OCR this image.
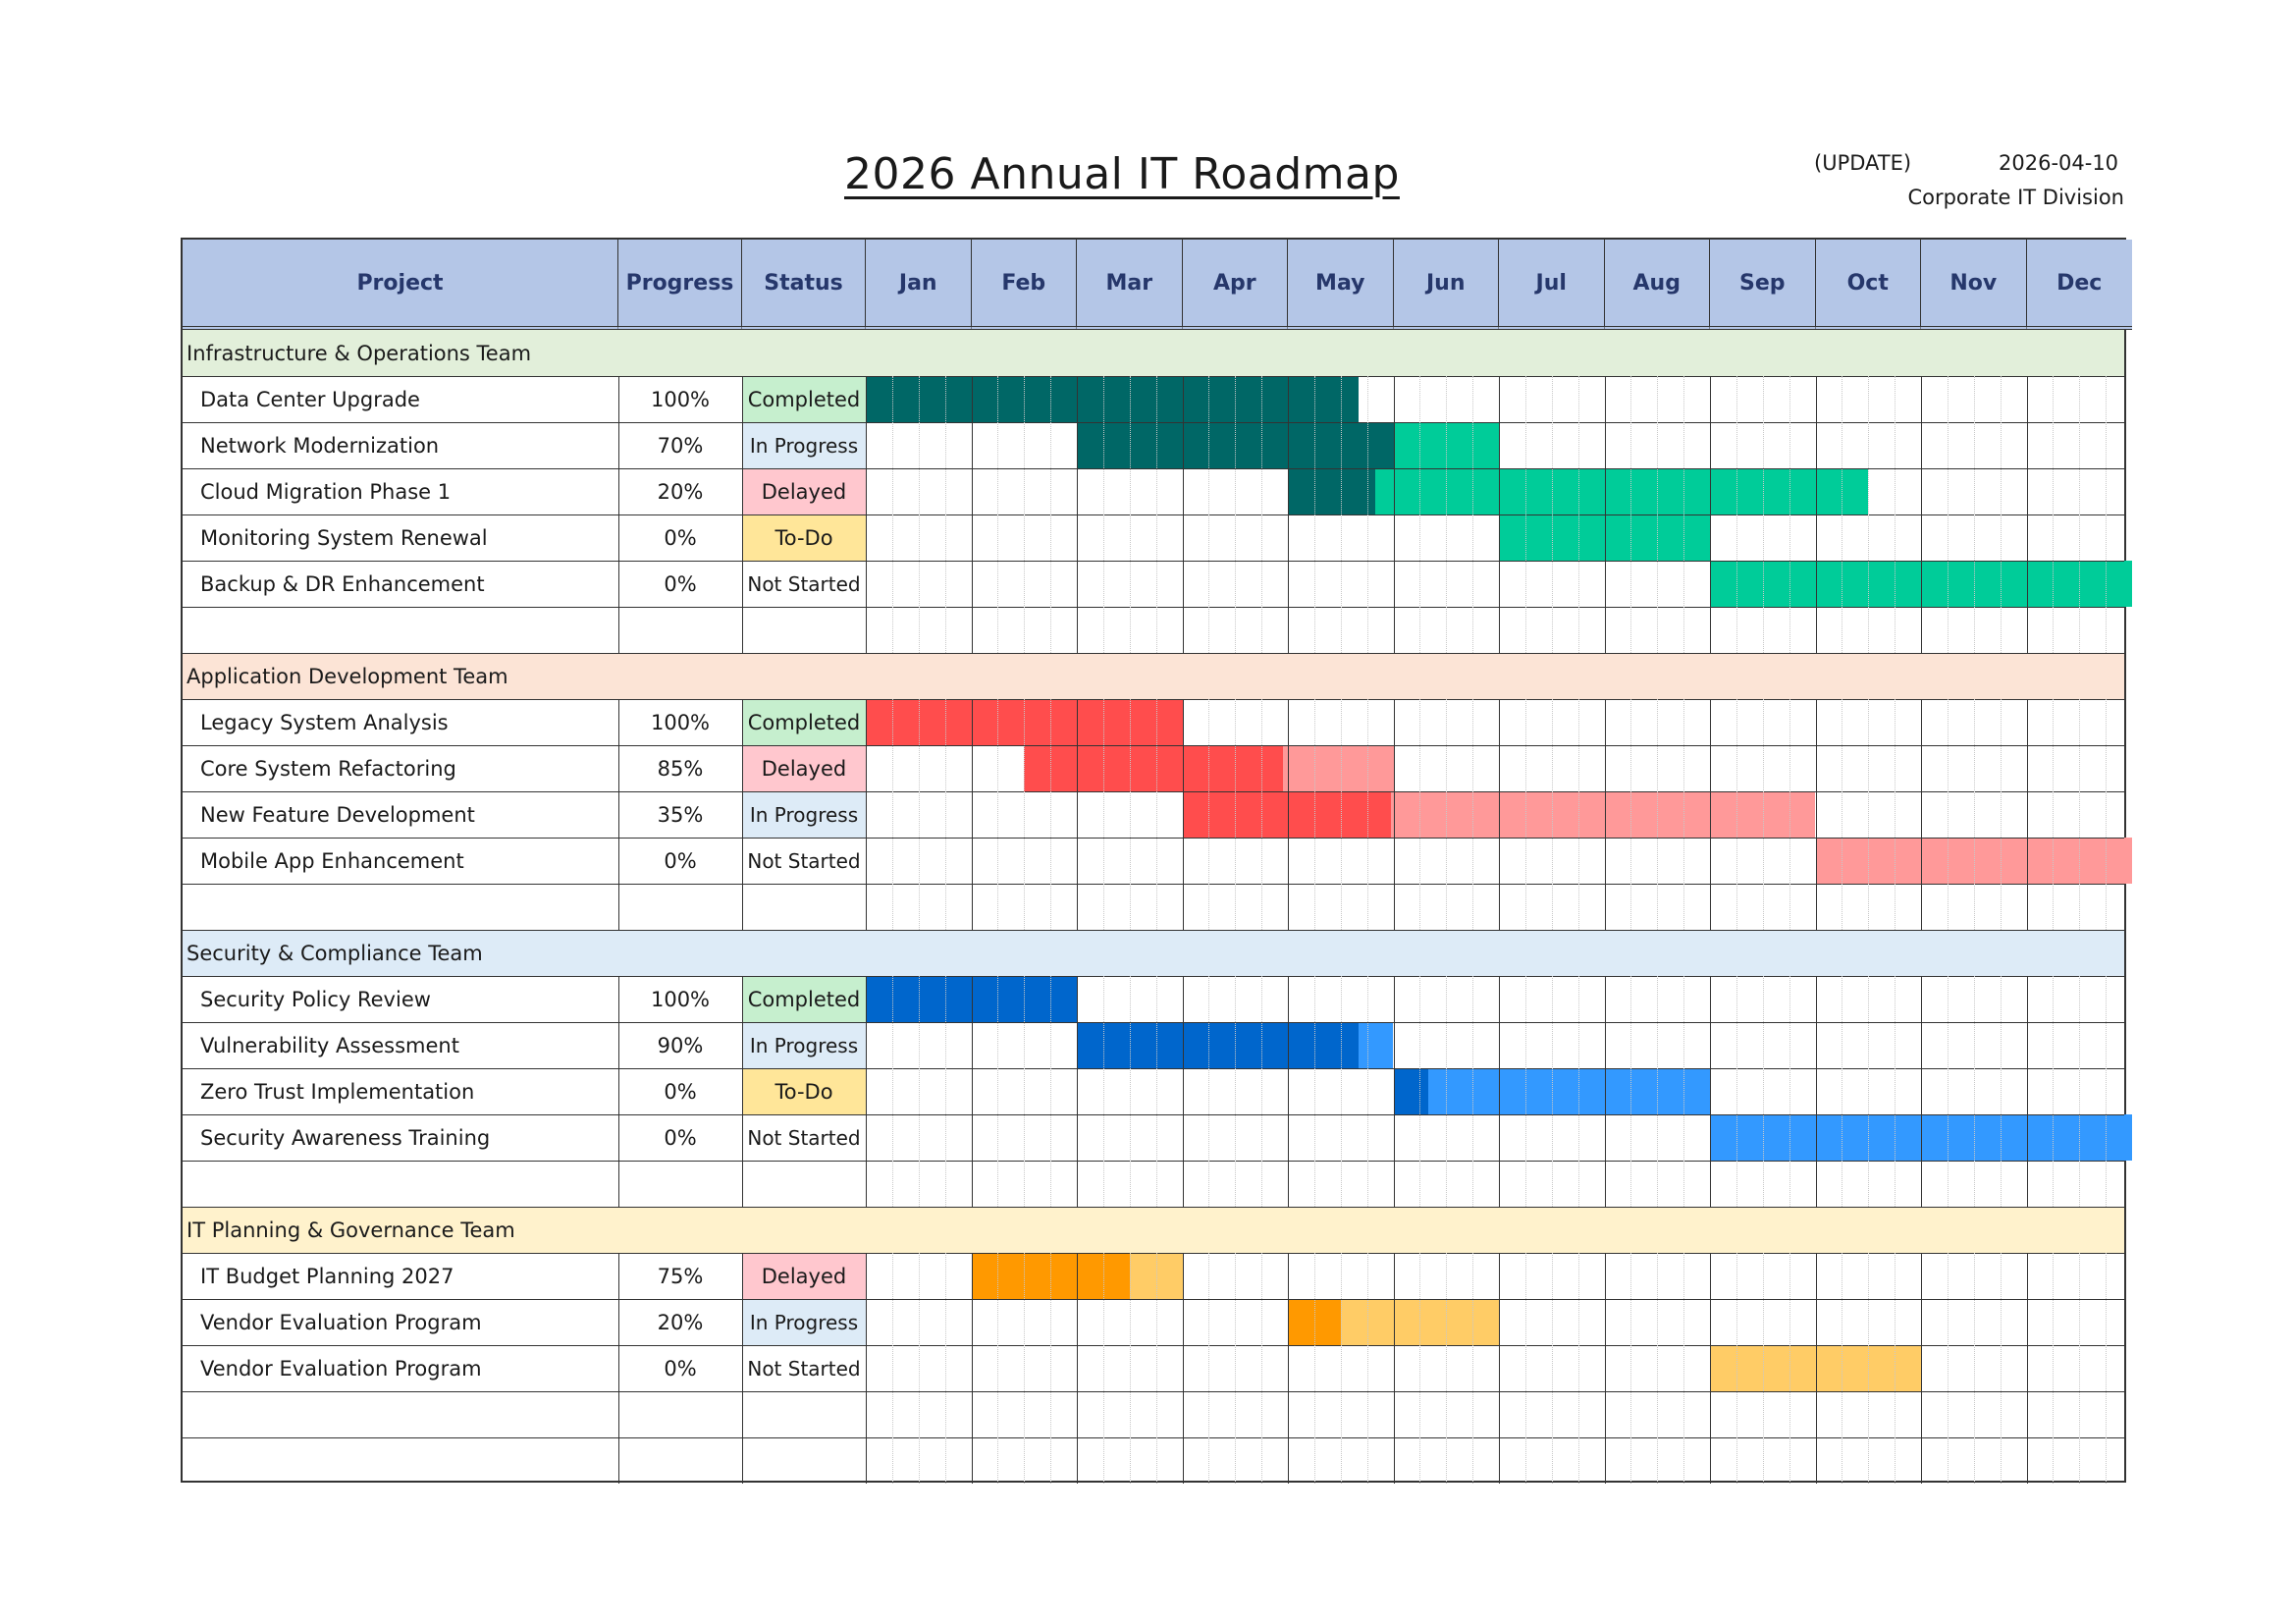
2026 Annual IT Roadmap	(UPDATE)	2026-04-10
Corporate IT Division
Project	Progress	Status	Jan	Feb	Mar	Apr	May	Jun	Jul	Aug	Sep	Oct	Nov	Dec
Infrastructure & Operations Team
Data Center Upgrade	100%	Completed
Network Modernization	70%	In Progress
Cloud Migration Phase 1	20%	Delayed
Monitoring System Renewal	0%	To-Do
Backup & DR Enhancement	0%	Not Started
Application Development Team
Legacy System Analysis	100%	Completed
Core System Refactoring	85%	Delayed
New Feature Development	35%	In Progress
Mobile App Enhancement	0%	Not Started
Security & Compliance Team
Security Policy Review	100%	Completed
Vulnerability Assessment	90%	In Progress
Zero Trust Implementation	0%	To-Do
Security Awareness Training	0%	Not Started
IT Planning & Governance Team
IT Budget Planning 2027	75%	Delayed
Vendor Evaluation Program	20%	In Progress
Vendor Evaluation Program	0%	Not Started
